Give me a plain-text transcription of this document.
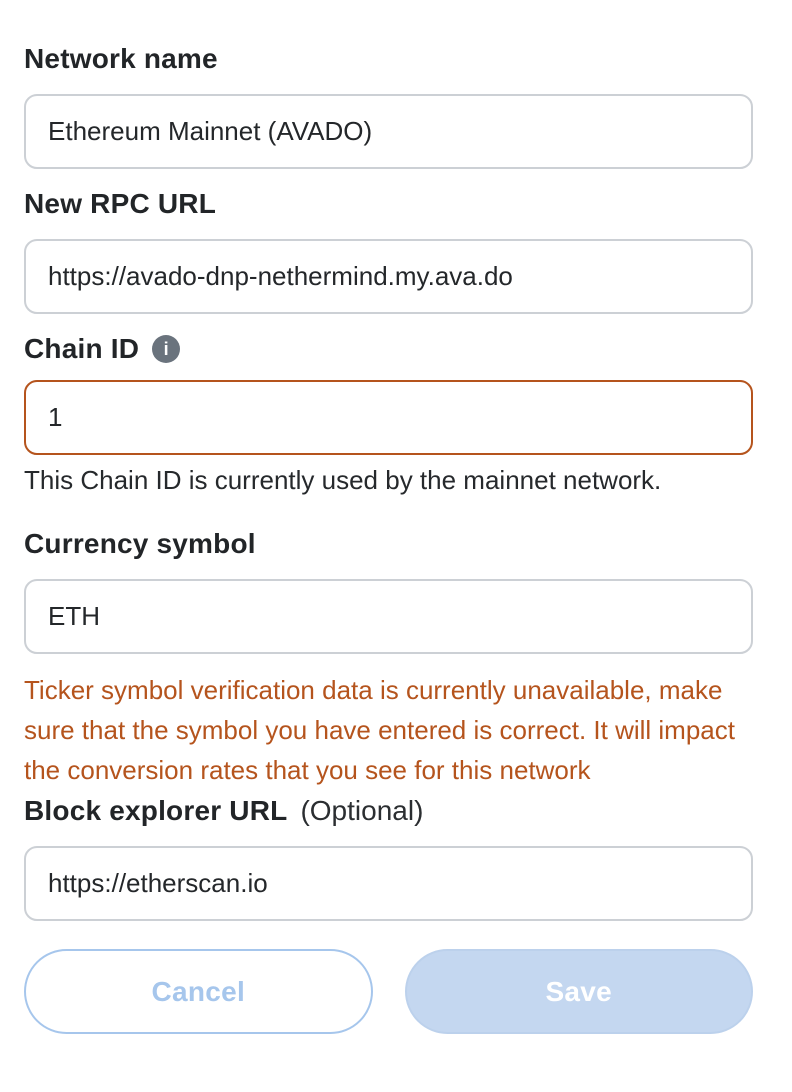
Network name
Ethereum Mainnet (AVADO)
New RPC URL
https://avado-dnp-nethermind.my.ava.do
Chain ID	i
1
This Chain ID is currently used by the mainnet network.
Currency symbol
ETH
Ticker symbol verification data is currently unavailable, make
sure that the symbol you have entered is correct. It will impact
the conversion rates that you see for this network
Block explorer URL (Optional)
https://etherscan.io
Cancel	Save
